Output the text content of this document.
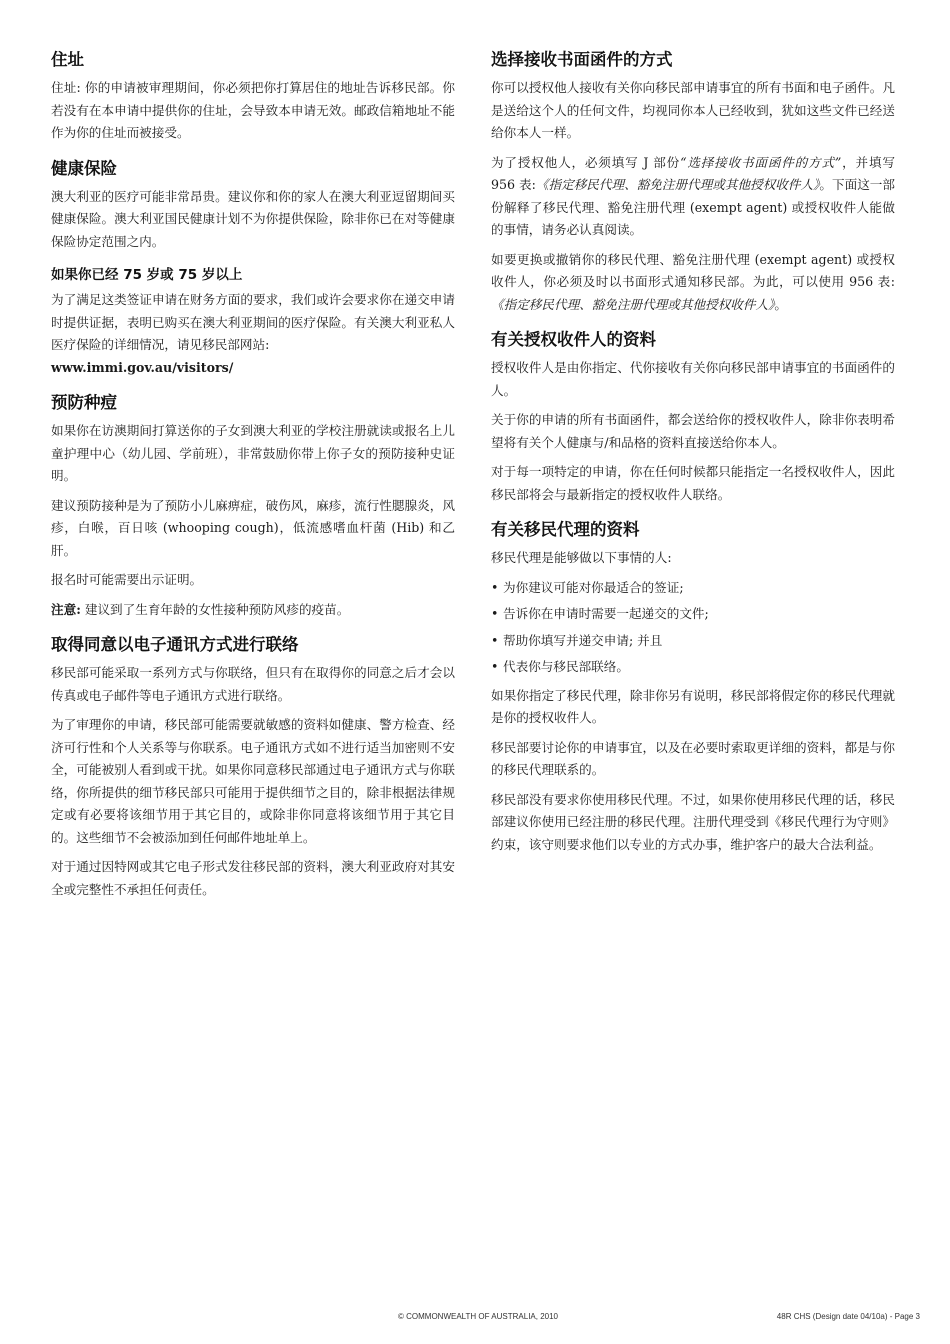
住址

住址: 你的申请被审理期间，你必须把你打算居住的地址告诉移民部。你若没有在本申请中提供你的住址，会导致本申请无效。邮政信箱地址不能作为你的住址而被接受。

健康保险

澳大利亚的医疗可能非常昂贵。建议你和你的家人在澳大利亚逗留期间买健康保险。澳大利亚国民健康计划不为你提供保险，除非你已在对等健康保险协定范围之内。

如果你已经 75 岁或 75 岁以上

为了满足这类签证申请在财务方面的要求，我们或许会要求你在递交申请时提供证据，表明已购买在澳大利亚期间的医疗保险。有关澳大利亚私人医疗保险的详细情况，请见移民部网站:

www.immi.gov.au/visitors/

预防种痘

如果你在访澳期间打算送你的子女到澳大利亚的学校注册就读或报名上儿童护理中心（幼儿园、学前班），非常鼓励你带上你子女的预防接种史证明。

建议预防接种是为了预防小儿麻痹症，破伤风，麻疹，流行性腮腺炎，风疹，白喉，百日咳 (whooping cough)，低流感嗜血杆菌 (Hib) 和乙肝。

报名时可能需要出示证明。

注意: 建议到了生育年龄的女性接种预防风疹的疫苗。

取得同意以电子通讯方式进行联络

移民部可能采取一系列方式与你联络，但只有在取得你的同意之后才会以传真或电子邮件等电子通讯方式进行联络。

为了审理你的申请，移民部可能需要就敏感的资料如健康、警方检查、经济可行性和个人关系等与你联系。电子通讯方式如不进行适当加密则不安全，可能被别人看到或干扰。如果你同意移民部通过电子通讯方式与你联络，你所提供的细节移民部只可能用于提供细节之目的，除非根据法律规定或有必要将该细节用于其它目的，或除非你同意将该细节用于其它目的。这些细节不会被添加到任何邮件地址单上。

对于通过因特网或其它电子形式发往移民部的资料，澳大利亚政府对其安全或完整性不承担任何责任。

选择接收书面函件的方式

你可以授权他人接收有关你向移民部申请事宜的所有书面和电子函件。凡是送给这个人的任何文件，均视同你本人已经收到，犹如这些文件已经送给你本人一样。

为了授权他人，必须填写 J 部份“选择接收书面函件的方式”，并填写 956 表:《指定移民代理、豁免注册代理或其他授权收件人》。下面这一部份解释了移民代理、豁免注册代理 (exempt agent) 或授权收件人能做的事情，请务必认真阅读。

如要更换或撤销你的移民代理、豁免注册代理 (exempt agent) 或授权收件人，你必须及时以书面形式通知移民部。为此，可以使用 956 表:《指定移民代理、豁免注册代理或其他授权收件人》。

有关授权收件人的资料

授权收件人是由你指定、代你接收有关你向移民部申请事宜的书面函件的人。

关于你的申请的所有书面函件，都会送给你的授权收件人，除非你表明希望将有关个人健康与/和品格的资料直接送给你本人。

对于每一项特定的申请，你在任何时候都只能指定一名授权收件人，因此移民部将会与最新指定的授权收件人联络。

有关移民代理的资料

移民代理是能够做以下事情的人:

• 为你建议可能对你最适合的签证;
• 告诉你在申请时需要一起递交的文件;
• 帮助你填写并递交申请; 并且
• 代表你与移民部联络。

如果你指定了移民代理，除非你另有说明，移民部将假定你的移民代理就是你的授权收件人。

移民部要讨论你的申请事宜，以及在必要时索取更详细的资料，都是与你的移民代理联系的。

移民部没有要求你使用移民代理。不过，如果你使用移民代理的话，移民部建议你使用已经注册的移民代理。注册代理受到《移民代理行为守则》约束，该守则要求他们以专业的方式办事，维护客户的最大合法利益。

© COMMONWEALTH OF AUSTRALIA, 2010	48R CHS (Design date 04/10a) - Page 3
